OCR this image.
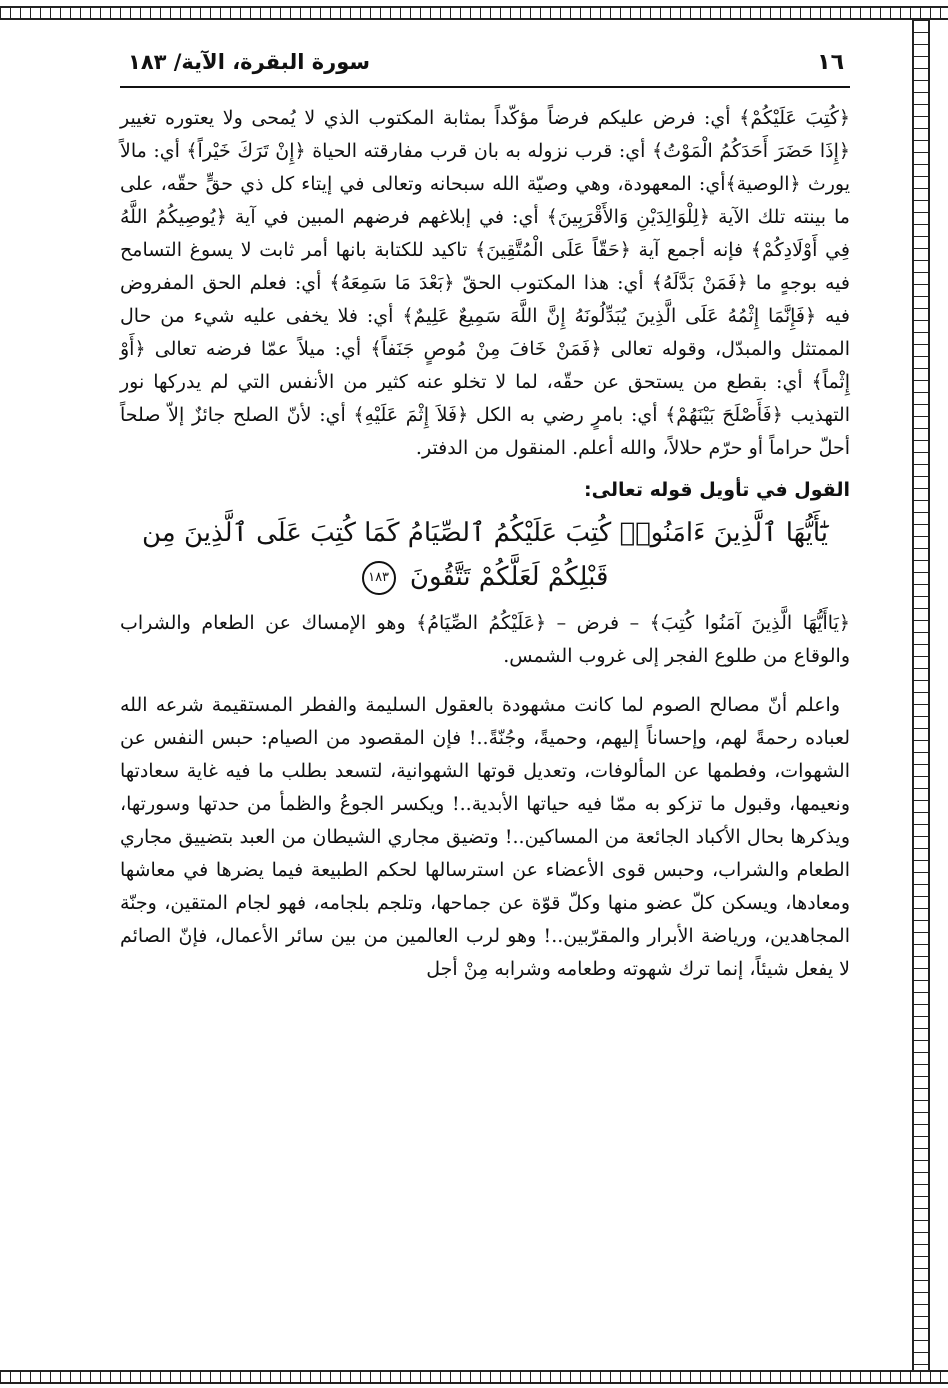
١٦
سورة البقرة، الآية/ ١٨٣

﴿كُتِبَ عَلَيْكُمْ﴾ أي: فرض عليكم فرضاً مؤكّداً بمثابة المكتوب الذي لا يُمحى ولا يعتوره تغيير ﴿إِذَا حَضَرَ أَحَدَكُمُ الْمَوْتُ﴾ أي: قرب نزوله به بان قرب مفارقته الحياة ﴿إِنْ تَرَكَ خَيْراً﴾ أي: مالاً يورث ﴿الوصية﴾أي: المعهودة، وهي وصيّة الله سبحانه وتعالى في إيتاء كل ذي حقٍّ حقّه، على ما بينته تلك الآية ﴿لِلْوَالِدَيْنِ وَالأَقْرَبِينَ﴾ أي: في إبلاغهم فرضهم المبين في آية ﴿يُوصِيكُمُ اللَّهُ فِي أَوْلَادِكُمْ﴾ فإنه أجمع آية ﴿حَقّاً عَلَى الْمُتَّقِينَ﴾ تاكيد للكتابة بانها أمر ثابت لا يسوغ التسامح فيه بوجهٍ ما ﴿فَمَنْ بَدَّلَهُ﴾ أي: هذا المكتوب الحقّ ﴿بَعْدَ مَا سَمِعَهُ﴾ أي: فعلم الحق المفروض فيه ﴿فَإِنَّمَا إِثْمُهُ عَلَى الَّذِينَ يُبَدِّلُونَهُ إِنَّ اللَّهَ سَمِيعٌ عَلِيمٌ﴾ أي: فلا يخفى عليه شيء من حال الممتثل والمبدّل، وقوله تعالى ﴿فَمَنْ خَافَ مِنْ مُوصٍ جَنَفاً﴾ أي: ميلاً عمّا فرضه تعالى ﴿أَوْ إِثْماً﴾ أي: بقطع من يستحق عن حقّه، لما لا تخلو عنه كثير من الأنفس التي لم يدركها نور التهذيب ﴿فَأَصْلَحَ بَيْنَهُمْ﴾ أي: بامرٍ رضي به الكل ﴿فَلاَ إِثْمَ عَلَيْهِ﴾ أي: لأنّ الصلح جائزٌ إلاّ صلحاً أحلّ حراماً أو حرّم حلالاً، والله أعلم. المنقول من الدفتر.

القول في تأويل قوله تعالى:
يَٰٓأَيُّهَا ٱلَّذِينَ ءَامَنُوا۟ كُتِبَ عَلَيْكُمُ ٱلصِّيَامُ كَمَا كُتِبَ عَلَى ٱلَّذِينَ مِن قَبْلِكُمْ لَعَلَّكُمْ تَتَّقُونَ ١٨٣

﴿يَاأَيُّهَا الَّذِينَ آمَنُوا كُتِبَ﴾ – فرض – ﴿عَلَيْكُمُ الصِّيَامُ﴾ وهو الإمساك عن الطعام والشراب والوقاع من طلوع الفجر إلى غروب الشمس.

واعلم أنّ مصالح الصوم لما كانت مشهودة بالعقول السليمة والفطر المستقيمة شرعه الله لعباده رحمةً لهم، وإحساناً إليهم، وحميةً، وجُنّةً..! فإن المقصود من الصيام: حبس النفس عن الشهوات، وفطمها عن المألوفات، وتعديل قوتها الشهوانية، لتسعد بطلب ما فيه غاية سعادتها ونعيمها، وقبول ما تزكو به ممّا فيه حياتها الأبدية..! ويكسر الجوعُ والظمأ من حدتها وسورتها، ويذكرها بحال الأكباد الجائعة من المساكين..! وتضيق مجاري الشيطان من العبد بتضييق مجاري الطعام والشراب، وحبس قوى الأعضاء عن استرسالها لحكم الطبيعة فيما يضرها في معاشها ومعادها، ويسكن كلّ عضو منها وكلّ قوّة عن جماحها، وتلجم بلجامه، فهو لجام المتقين، وجنّة المجاهدين، ورياضة الأبرار والمقرّبين..! وهو لرب العالمين من بين سائر الأعمال، فإنّ الصائم لا يفعل شيئاً، إنما ترك شهوته وطعامه وشرابه مِنْ أجل
